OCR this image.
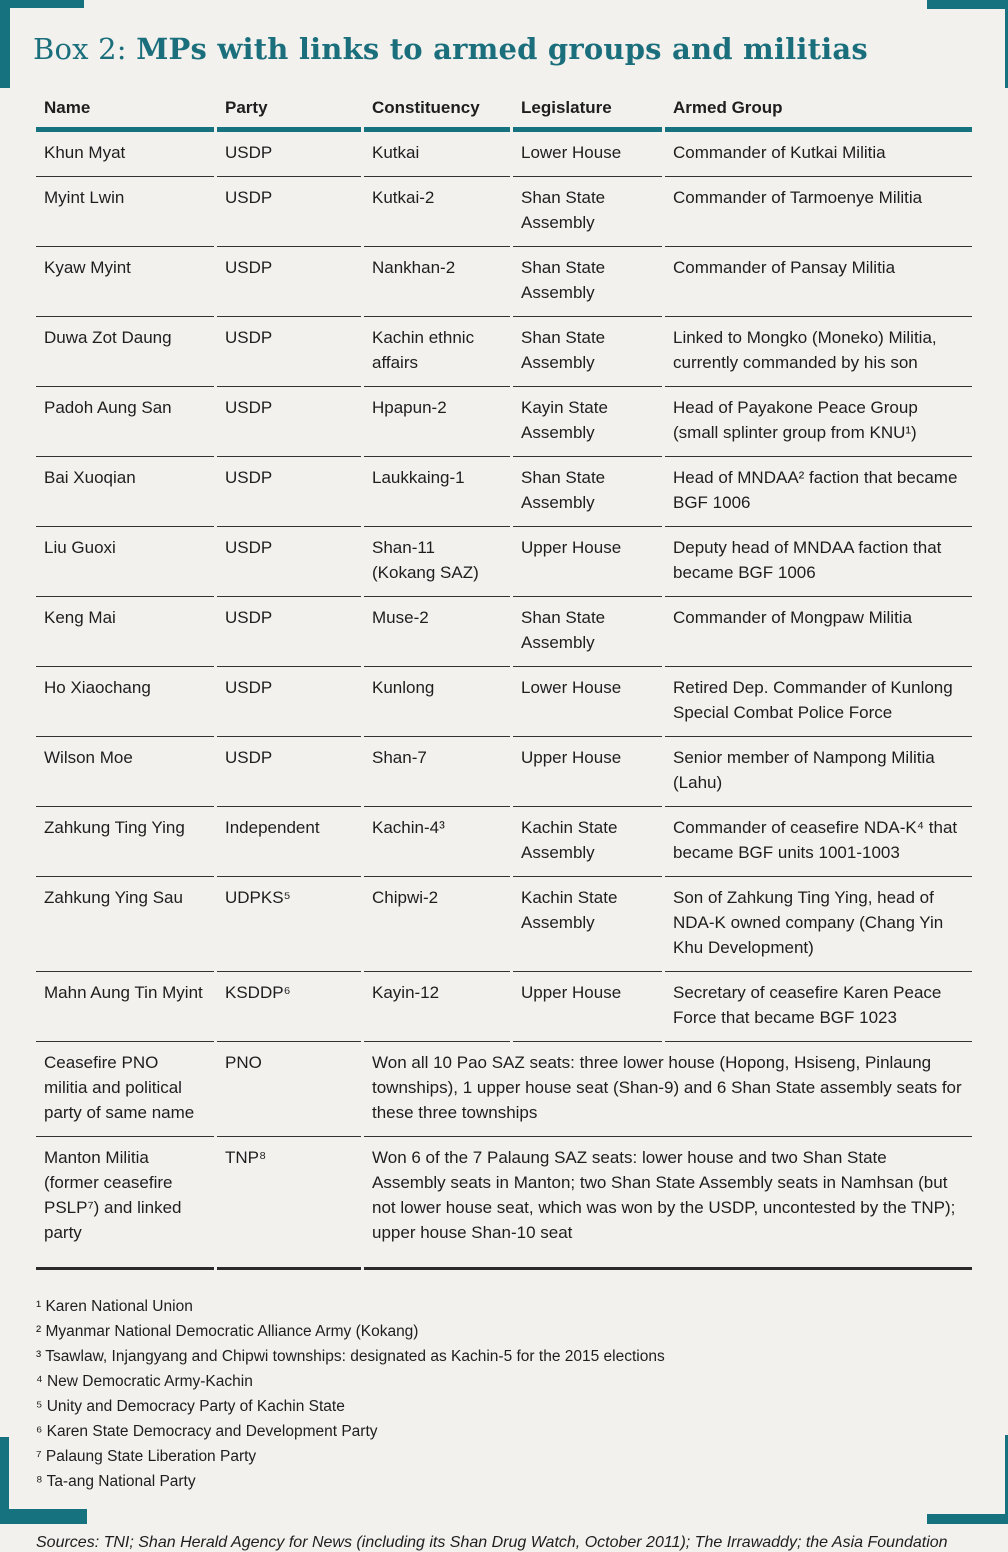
Box 2: MPs with links to armed groups and militias
Name	Party	Constituency	Legislature	Armed Group
Khun Myat	USDP	Kutkai	Lower House	Commander of Kutkai Militia
Myint Lwin	USDP	Kutkai-2	Shan State Assembly	Commander of Tarmoenye Militia
Kyaw Myint	USDP	Nankhan-2	Shan State Assembly	Commander of Pansay Militia
Duwa Zot Daung	USDP	Kachin ethnic affairs	Shan State Assembly	Linked to Mongko (Moneko) Militia, currently commanded by his son
Padoh Aung San	USDP	Hpapun-2	Kayin State Assembly	Head of Payakone Peace Group (small splinter group from KNU¹)
Bai Xuoqian	USDP	Laukkaing-1	Shan State Assembly	Head of MNDAA² faction that became BGF 1006
Liu Guoxi	USDP	Shan-11 (Kokang SAZ)	Upper House	Deputy head of MNDAA faction that became BGF 1006
Keng Mai	USDP	Muse-2	Shan State Assembly	Commander of Mongpaw Militia
Ho Xiaochang	USDP	Kunlong	Lower House	Retired Dep. Commander of Kunlong Special Combat Police Force
Wilson Moe	USDP	Shan-7	Upper House	Senior member of Nampong Militia (Lahu)
Zahkung Ting Ying	Independent	Kachin-4³	Kachin State Assembly	Commander of ceasefire NDA-K⁴ that became BGF units 1001-1003
Zahkung Ying Sau	UDPKS⁵	Chipwi-2	Kachin State Assembly	Son of Zahkung Ting Ying, head of NDA-K owned company (Chang Yin Khu Development)
Mahn Aung Tin Myint	KSDDP⁶	Kayin-12	Upper House	Secretary of ceasefire Karen Peace Force that became BGF 1023
Ceasefire PNO militia and political party of same name	PNO	Won all 10 Pao SAZ seats: three lower house (Hopong, Hsiseng, Pinlaung townships), 1 upper house seat (Shan-9) and 6 Shan State assembly seats for these three townships		
Manton Militia (former ceasefire PSLP⁷) and linked party	TNP⁸	Won 6 of the 7 Palaung SAZ seats: lower house and two Shan State Assembly seats in Manton; two Shan State Assembly seats in Namhsan (but not lower house seat, which was won by the USDP, uncontested by the TNP); upper house Shan-10 seat		

¹ Karen National Union

² Myanmar National Democratic Alliance Army (Kokang)

³ Tsawlaw, Injangyang and Chipwi townships: designated as Kachin-5 for the 2015 elections

⁴ New Democratic Army-Kachin

⁵ Unity and Democracy Party of Kachin State

⁶ Karen State Democracy and Development Party

⁷ Palaung State Liberation Party

⁸ Ta-ang National Party

Sources: TNI; Shan Herald Agency for News (including its Shan Drug Watch, October 2011); The Irrawaddy; the Asia Foundation
